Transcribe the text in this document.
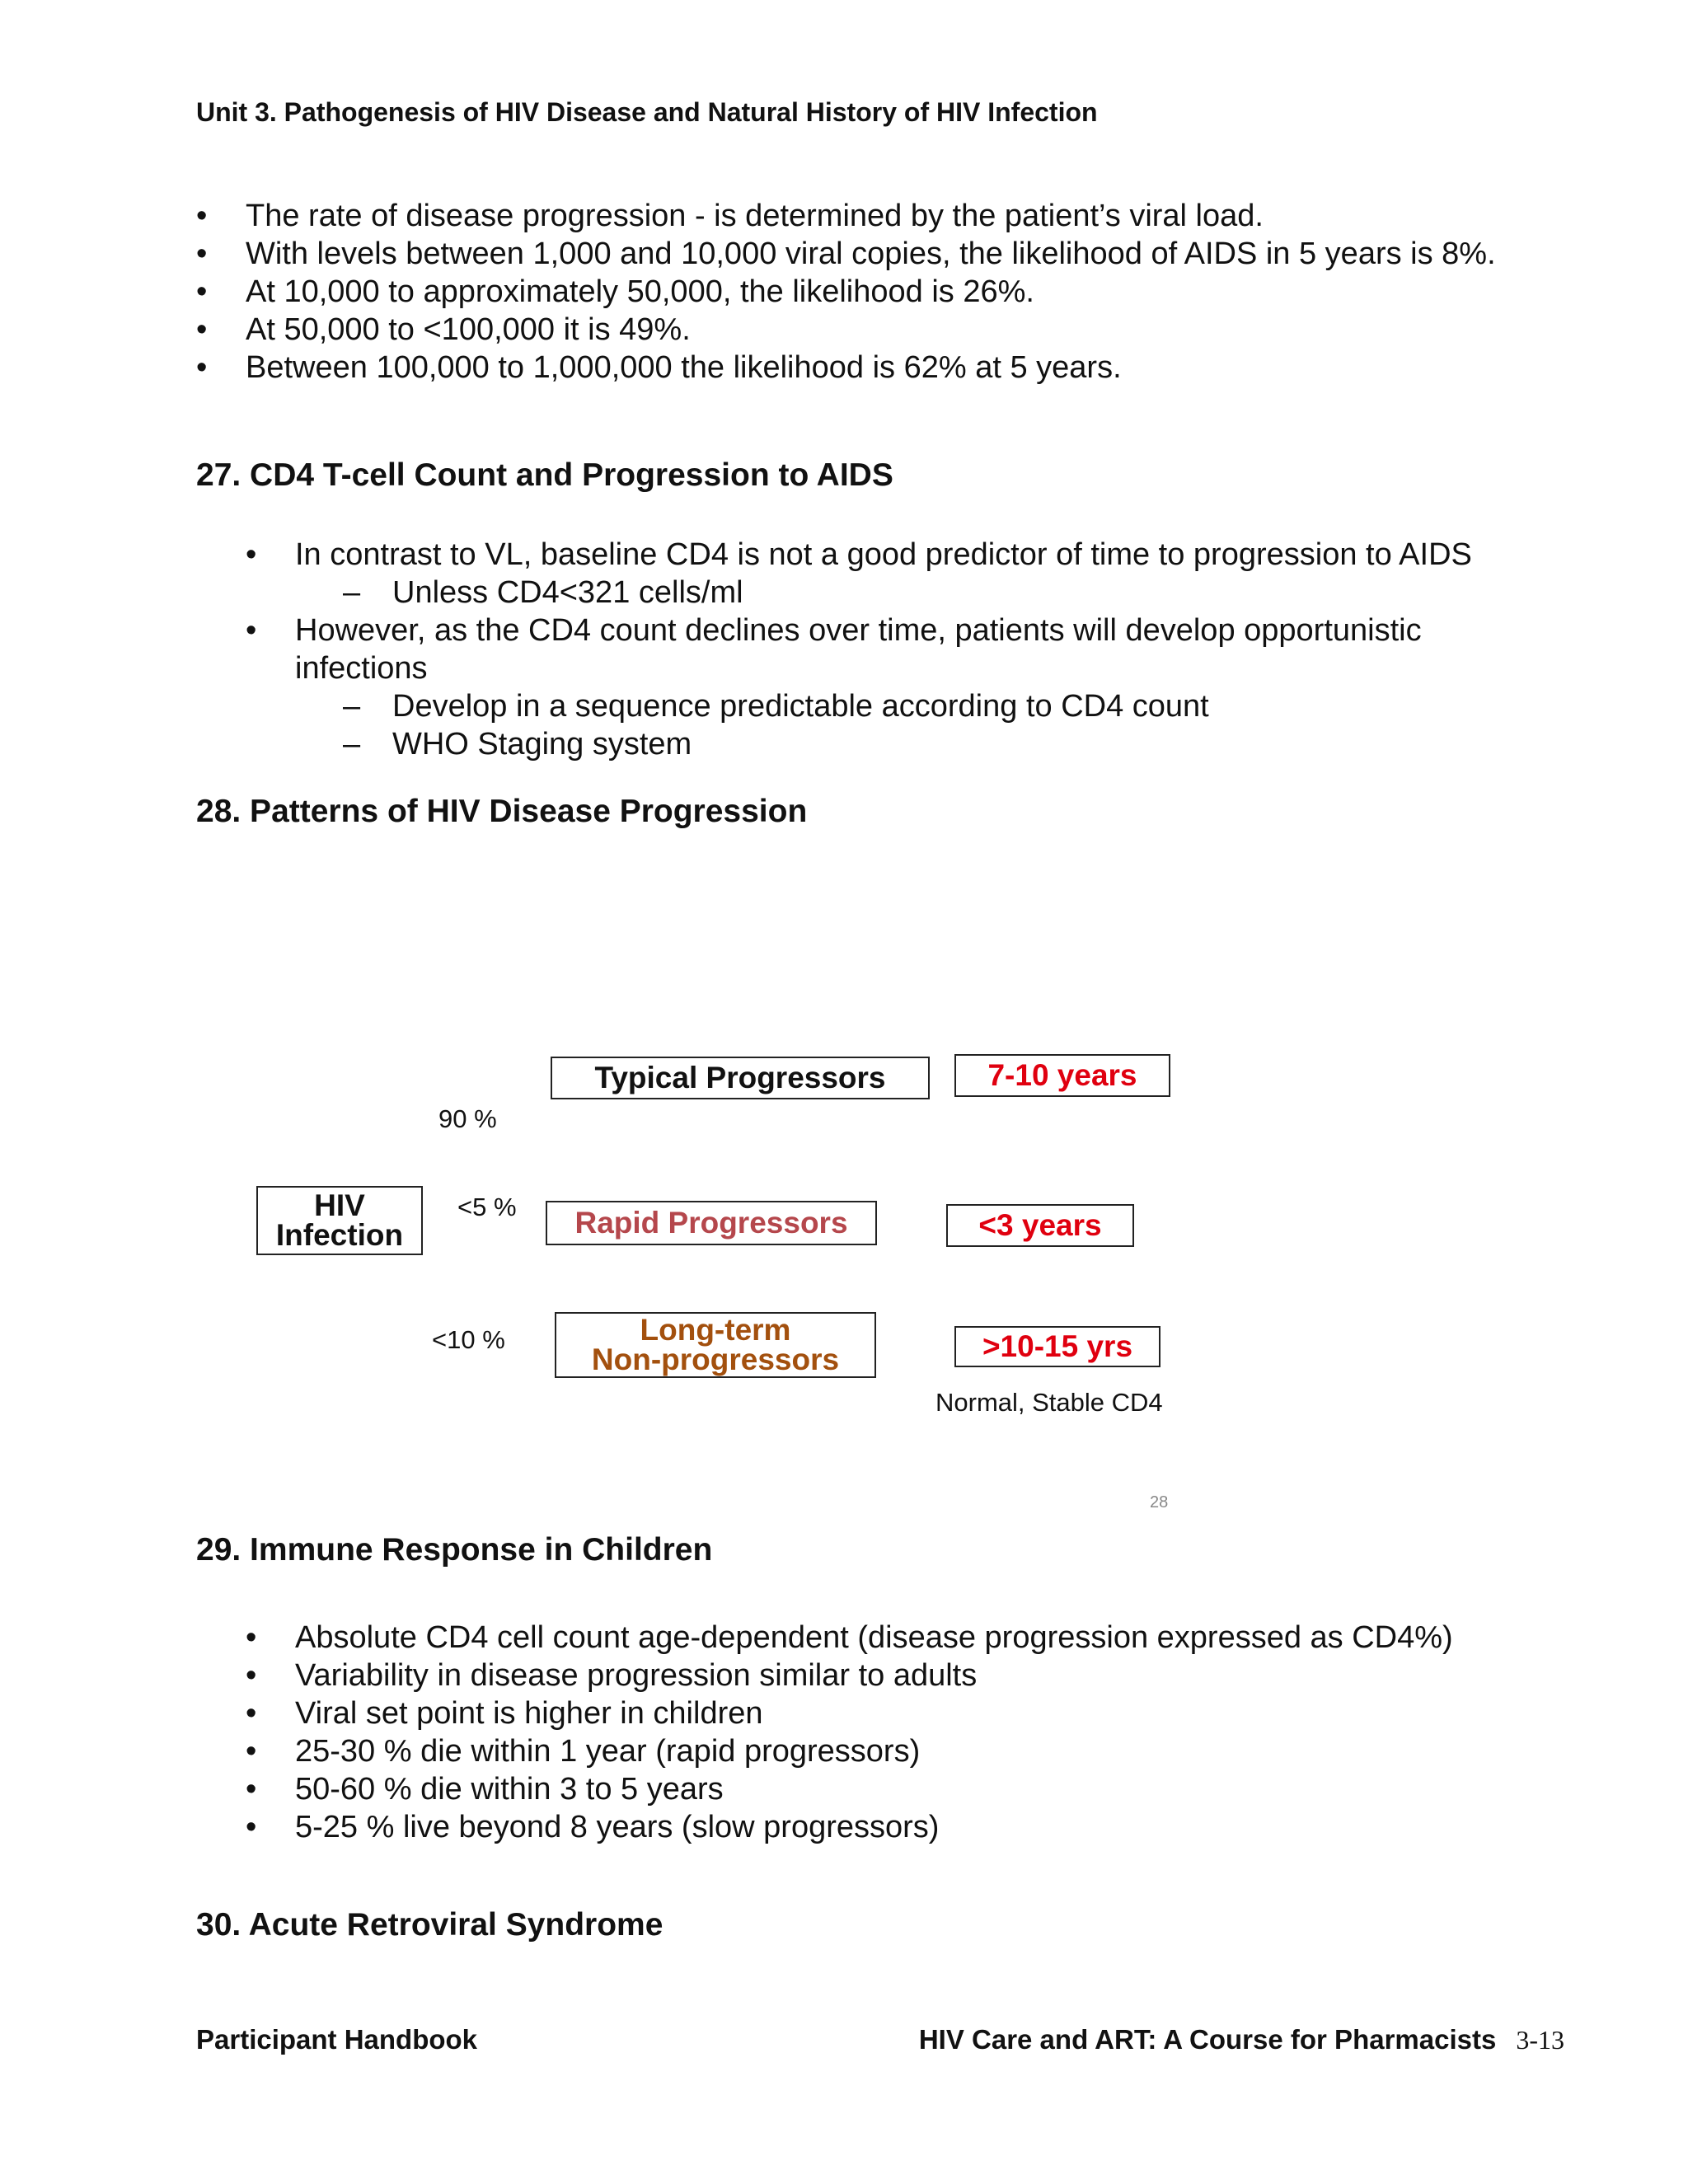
Unit 3. Pathogenesis of HIV Disease and Natural History of HIV Infection
• The rate of disease progression - is determined by the patient’s viral load.
• With levels between 1,000 and 10,000 viral copies, the likelihood of AIDS in 5 years is 8%.
• At 10,000 to approximately 50,000, the likelihood is 26%.
• At 50,000 to <100,000 it is 49%.
• Between 100,000 to 1,000,000 the likelihood is 62% at 5 years.
27. CD4 T-cell Count and Progression to AIDS
• In contrast to VL, baseline CD4 is not a good predictor of time to progression to AIDS
– Unless CD4<321 cells/ml
• However, as the CD4 count declines over time, patients will develop opportunistic
infections
– Develop in a sequence predictable according to CD4 count
– WHO Staging system
28. Patterns of HIV Disease Progression
HIV
Infection
90 %
Typical Progressors	7-10 years
<5 %	Rapid Progressors	<3 years
<10 %	Long-term
Non-progressors	>10-15 yrs
Normal, Stable CD4
28
29. Immune Response in Children
• Absolute CD4 cell count age-dependent (disease progression expressed as CD4%)
• Variability in disease progression similar to adults
• Viral set point is higher in children
• 25-30 % die within 1 year (rapid progressors)
• 50-60 % die within 3 to 5 years
• 5-25 % live beyond 8 years (slow progressors)
30. Acute Retroviral Syndrome
Participant Handbook	HIV Care and ART: A Course for Pharmacists 3-13
